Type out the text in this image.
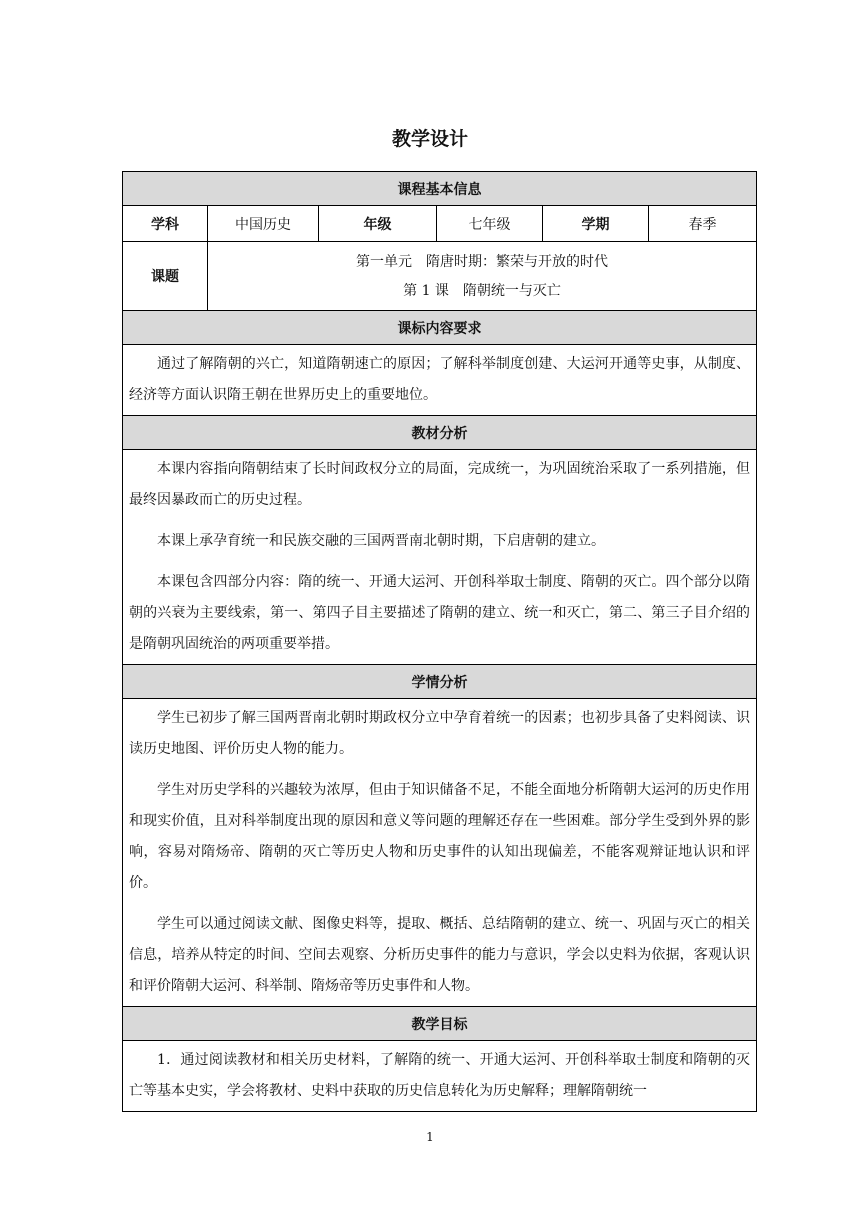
教学设计
课程基本信息					
学科	中国历史	年级	七年级	学期	春季
课题	第一单元　隋唐时期：繁荣与开放的时代
第 1 课　隋朝统一与灭亡				

课标内容要求					

通过了解隋朝的兴亡，知道隋朝速亡的原因；了解科举制度创建、大运河开通等史事，从制度、经济等方面认识隋王朝在世界历史上的重要地位。					

教材分析					

本课内容指向隋朝结束了长时间政权分立的局面，完成统一，为巩固统治采取了一系列措施，但最终因暴政而亡的历史过程。

本课上承孕育统一和民族交融的三国两晋南北朝时期，下启唐朝的建立。

本课包含四部分内容：隋的统一、开通大运河、开创科举取士制度、隋朝的灭亡。四个部分以隋朝的兴衰为主要线索，第一、第四子目主要描述了隋朝的建立、统一和灭亡，第二、第三子目介绍的是隋朝巩固统治的两项重要举措。					

学情分析					

学生已初步了解三国两晋南北朝时期政权分立中孕育着统一的因素；也初步具备了史料阅读、识读历史地图、评价历史人物的能力。

学生对历史学科的兴趣较为浓厚，但由于知识储备不足，不能全面地分析隋朝大运河的历史作用和现实价值，且对科举制度出现的原因和意义等问题的理解还存在一些困难。部分学生受到外界的影响，容易对隋炀帝、隋朝的灭亡等历史人物和历史事件的认知出现偏差，不能客观辩证地认识和评价。

学生可以通过阅读文献、图像史料等，提取、概括、总结隋朝的建立、统一、巩固与灭亡的相关信息，培养从特定的时间、空间去观察、分析历史事件的能力与意识，学会以史料为依据，客观认识和评价隋朝大运河、科举制、隋炀帝等历史事件和人物。					

教学目标					

1．通过阅读教材和相关历史材料，了解隋的统一、开通大运河、开创科举取士制度和隋朝的灭亡等基本史实，学会将教材、史料中获取的历史信息转化为历史解释；理解隋朝统一					

1
